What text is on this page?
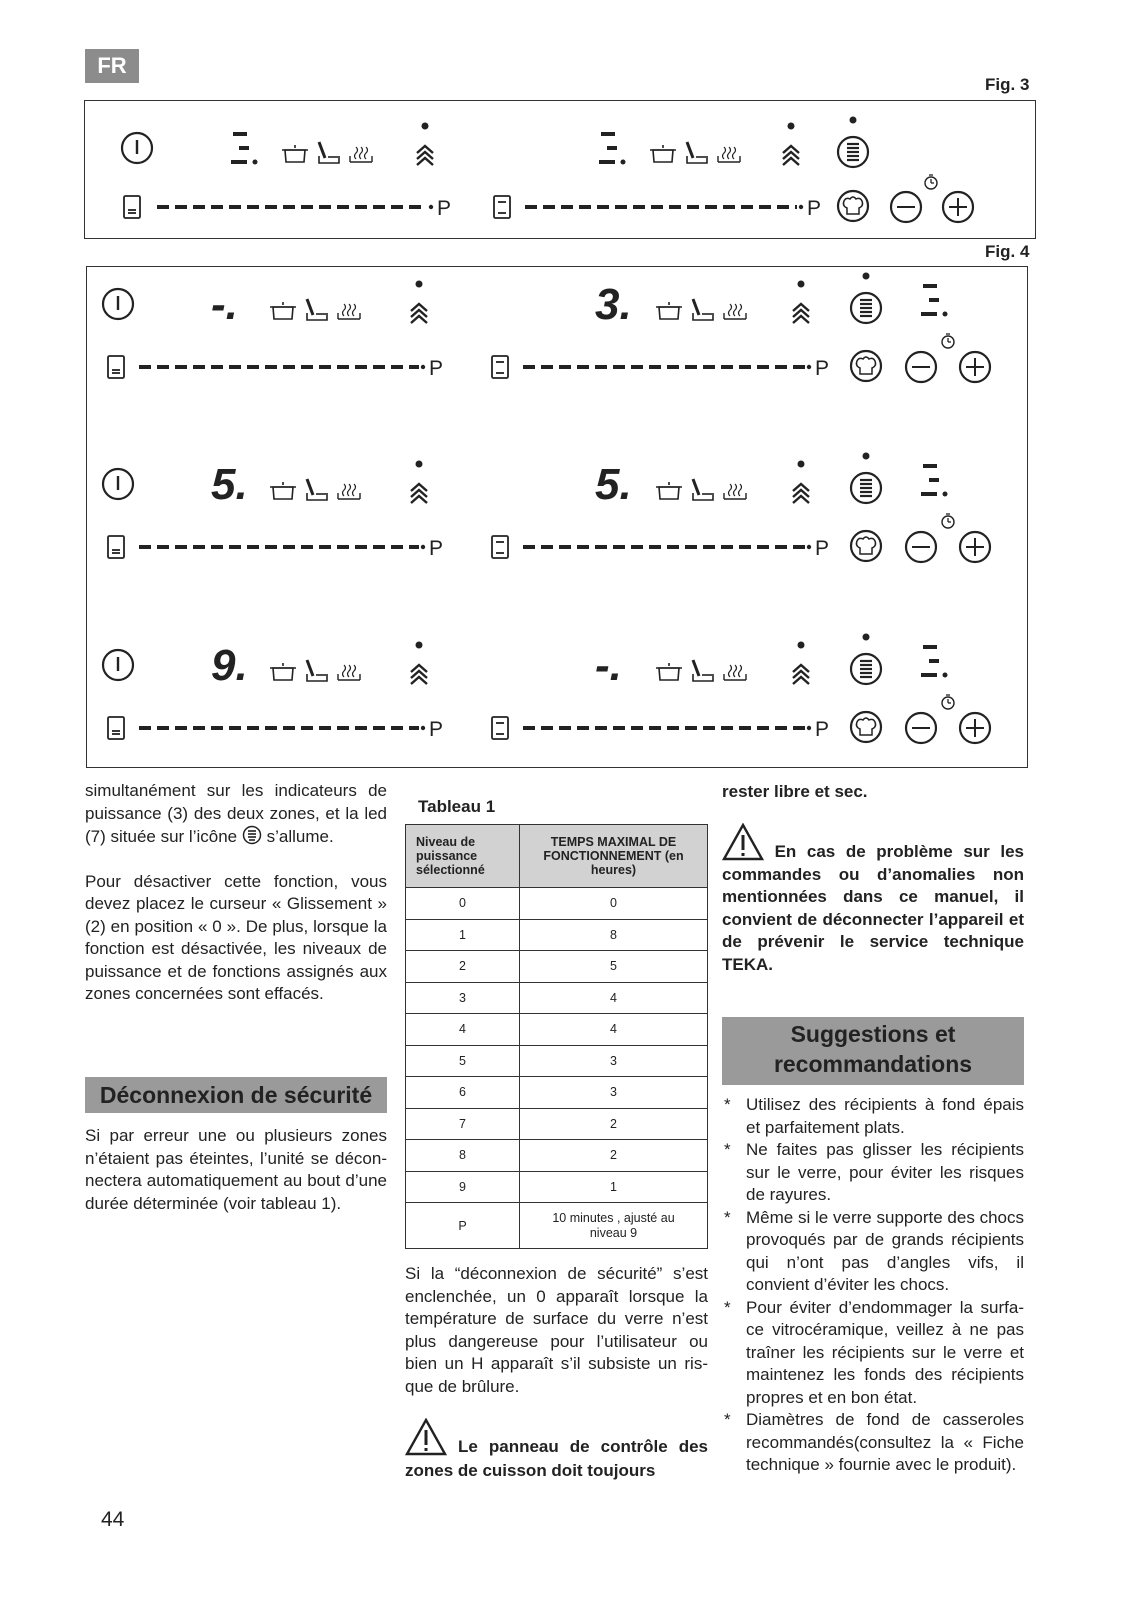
FR
Fig. 3
Fig. 4
P	P
-.	3.
P	P
5.	5.
P	P
9.	-.
P	P

simultanément sur les indicateurs de puissance (3) des deux zones, et la led (7) située sur l’icône s’allume.

Pour désactiver cette fonction, vous devez placez le curseur « Glissement » (2) en position « 0 ». De plus, lorsque la fonction est désactivée, les niveaux de puissance et de fonctions assignés aux zones concernées sont effacés.

Déconnexion de sécurité
Si par erreur une ou plusieurs zones n’étaient pas éteintes, l’unité se décon- nectera automatiquement au bout d’une durée déterminée (voir tableau 1).
Tableau 1
Niveau de puissance sélectionné	TEMPS MAXIMAL DE FONCTIONNEMENT (en heures)
0	0
1	8
2	5
3	4
4	4
5	3
6	3
7	2
8	2
9	1
P	10 minutes , ajusté au niveau 9
Si la “déconnexion de sécurité” s’est enclenchée, un 0 apparaît lorsque la température de surface du verre n’est plus dangereuse pour l’utilisateur ou bien un H apparaît s’il subsiste un ris- que de brûlure.
Le panneau de contrôle des zones de cuisson doit toujours
rester libre et sec.
En cas de problème sur les commandes ou d’anomalies non mentionnées dans ce manuel, il convient de déconnecter l’appareil et de prévenir le service technique TEKA.
Suggestions et recommandations
* Utilisez des récipients à fond épais et parfaitement plats.
* Ne faites pas glisser les récipients sur le verre, pour éviter les risques de rayures.
* Même si le verre supporte des chocs provoqués par de grands récipients qui n’ont pas d’angles vifs, il convient d’éviter les chocs.
* Pour éviter d’endommager la surfa- ce vitrocéramique, veillez à ne pas traîner les récipients sur le verre et maintenez les fonds des récipients propres et en bon état.
* Diamètres de fond de casseroles recommandés(consultez la « Fiche technique » fournie avec le produit).
44
